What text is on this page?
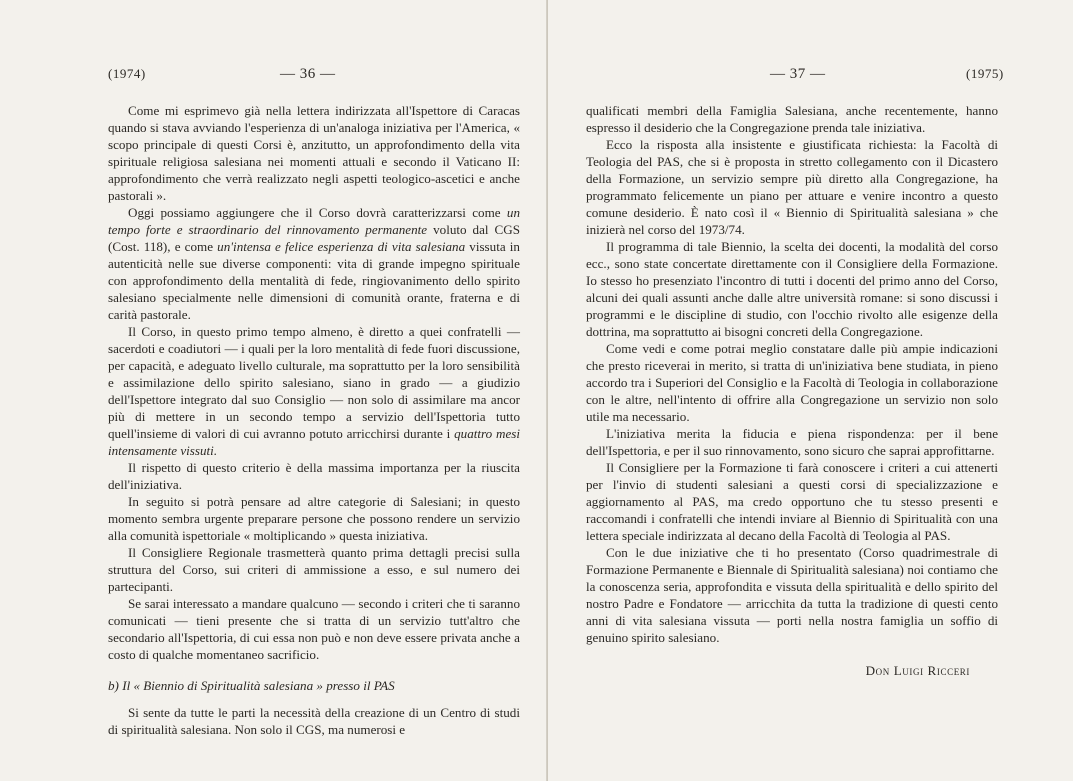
(1974)	— 36 —

Come mi esprimevo già nella lettera indirizzata all'Ispettore di Caracas quando si stava avviando l'esperienza di un'analoga iniziativa per l'America, « scopo principale di questi Corsi è, anzitutto, un approfondimento della vita spirituale religiosa salesiana nei momenti attuali e secondo il Vaticano II: approfondimento che verrà realizzato negli aspetti teologico-ascetici e anche pastorali ».

Oggi possiamo aggiungere che il Corso dovrà caratterizzarsi come un tempo forte e straordinario del rinnovamento permanente voluto dal CGS (Cost. 118), e come un'intensa e felice esperienza di vita salesiana vissuta in autenticità nelle sue diverse componenti: vita di grande impegno spirituale con approfondimento della mentalità di fede, ringiovanimento dello spirito salesiano specialmente nelle dimensioni di comunità orante, fraterna e di carità pastorale.

Il Corso, in questo primo tempo almeno, è diretto a quei confratelli — sacerdoti e coadiutori — i quali per la loro mentalità di fede fuori discussione, per capacità, e adeguato livello culturale, ma soprattutto per la loro sensibilità e assimilazione dello spirito salesiano, siano in grado — a giudizio dell'Ispettore integrato dal suo Consiglio — non solo di assimilare ma ancor più di mettere in un secondo tempo a servizio dell'Ispettoria tutto quell'insieme di valori di cui avranno potuto arricchirsi durante i quattro mesi intensamente vissuti.

Il rispetto di questo criterio è della massima importanza per la riuscita dell'iniziativa.

In seguito si potrà pensare ad altre categorie di Salesiani; in questo momento sembra urgente preparare persone che possono rendere un servizio alla comunità ispettoriale « moltiplicando » questa iniziativa.

Il Consigliere Regionale trasmetterà quanto prima dettagli precisi sulla struttura del Corso, sui criteri di ammissione a esso, e sul numero dei partecipanti.

Se sarai interessato a mandare qualcuno — secondo i criteri che ti saranno comunicati — tieni presente che si tratta di un servizio tutt'altro che secondario all'Ispettoria, di cui essa non può e non deve essere privata anche a costo di qualche momentaneo sacrificio.

b) Il « Biennio di Spiritualità salesiana » presso il PAS

Si sente da tutte le parti la necessità della creazione di un Centro di studi di spiritualità salesiana. Non solo il CGS, ma numerosi e

— 37 —	(1975)

qualificati membri della Famiglia Salesiana, anche recentemente, hanno espresso il desiderio che la Congregazione prenda tale iniziativa.

Ecco la risposta alla insistente e giustificata richiesta: la Facoltà di Teologia del PAS, che si è proposta in stretto collegamento con il Dicastero della Formazione, un servizio sempre più diretto alla Congregazione, ha programmato felicemente un piano per attuare e venire incontro a questo comune desiderio. È nato così il « Biennio di Spiritualità salesiana » che inizierà nel corso del 1973/74.

Il programma di tale Biennio, la scelta dei docenti, la modalità del corso ecc., sono state concertate direttamente con il Consigliere della Formazione. Io stesso ho presenziato l'incontro di tutti i docenti del primo anno del Corso, alcuni dei quali assunti anche dalle altre università romane: si sono discussi i programmi e le discipline di studio, con l'occhio rivolto alle esigenze della dottrina, ma soprattutto ai bisogni concreti della Congregazione.

Come vedi e come potrai meglio constatare dalle più ampie indicazioni che presto riceverai in merito, si tratta di un'iniziativa bene studiata, in pieno accordo tra i Superiori del Consiglio e la Facoltà di Teologia in collaborazione con le altre, nell'intento di offrire alla Congregazione un servizio non solo utile ma necessario.

L'iniziativa merita la fiducia e piena rispondenza: per il bene dell'Ispettoria, e per il suo rinnovamento, sono sicuro che saprai approfittarne.

Il Consigliere per la Formazione ti farà conoscere i criteri a cui attenerti per l'invio di studenti salesiani a questi corsi di specializzazione e aggiornamento al PAS, ma credo opportuno che tu stesso presenti e raccomandi i confratelli che intendi inviare al Biennio di Spiritualità con una lettera speciale indirizzata al decano della Facoltà di Teologia al PAS.

Con le due iniziative che ti ho presentato (Corso quadrimestrale di Formazione Permanente e Biennale di Spiritualità salesiana) noi contiamo che la conoscenza seria, approfondita e vissuta della spiritualità e dello spirito del nostro Padre e Fondatore — arricchita da tutta la tradizione di questi cento anni di vita salesiana vissuta — porti nella nostra famiglia un soffio di genuino spirito salesiano.

Don Luigi Ricceri
